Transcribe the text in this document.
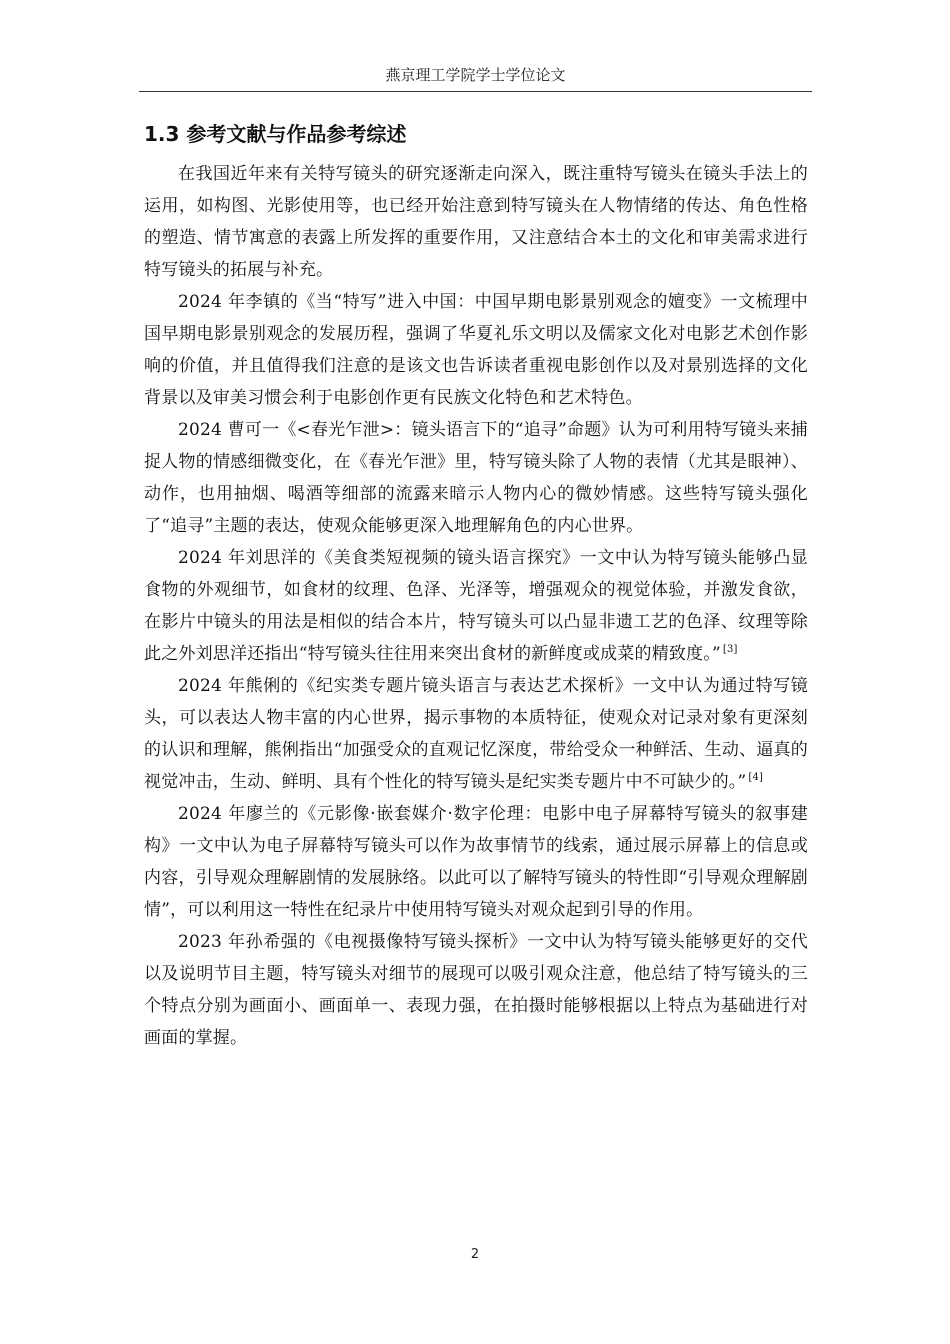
燕京理工学院学士学位论文
1.3 参考文献与作品参考综述

在我国近年来有关特写镜头的研究逐渐走向深入，既注重特写镜头在镜头手法上的运用，如构图、光影使用等，也已经开始注意到特写镜头在人物情绪的传达、角色性格的塑造、情节寓意的表露上所发挥的重要作用，又注意结合本土的文化和审美需求进行特写镜头的拓展与补充。

2024 年李镇的《当“特写”进入中国：中国早期电影景别观念的嬗变》一文梳理中国早期电影景别观念的发展历程，强调了华夏礼乐文明以及儒家文化对电影艺术创作影响的价值，并且值得我们注意的是该文也告诉读者重视电影创作以及对景别选择的文化背景以及审美习惯会利于电影创作更有民族文化特色和艺术特色。

2024 曹可一《<春光乍泄>：镜头语言下的“追寻”命题》认为可利用特写镜头来捕捉人物的情感细微变化，在《春光乍泄》里，特写镜头除了人物的表情（尤其是眼神）、动作，也用抽烟、喝酒等细部的流露来暗示人物内心的微妙情感。这些特写镜头强化了“追寻”主题的表达，使观众能够更深入地理解角色的内心世界。

2024 年刘思洋的《美食类短视频的镜头语言探究》一文中认为特写镜头能够凸显食物的外观细节，如食材的纹理、色泽、光泽等，增强观众的视觉体验，并激发食欲，在影片中镜头的用法是相似的结合本片，特写镜头可以凸显非遗工艺的色泽、纹理等除此之外刘思洋还指出“特写镜头往往用来突出食材的新鲜度或成菜的精致度。” [3]

2024 年熊俐的《纪实类专题片镜头语言与表达艺术探析》一文中认为通过特写镜头，可以表达人物丰富的内心世界，揭示事物的本质特征，使观众对记录对象有更深刻的认识和理解，熊俐指出“加强受众的直观记忆深度，带给受众一种鲜活、生动、逼真的视觉冲击，生动、鲜明、具有个性化的特写镜头是纪实类专题片中不可缺少的。” [4]

2024 年廖兰的《元影像·嵌套媒介·数字伦理：电影中电子屏幕特写镜头的叙事建构》一文中认为电子屏幕特写镜头可以作为故事情节的线索，通过展示屏幕上的信息或内容，引导观众理解剧情的发展脉络。以此可以了解特写镜头的特性即“引导观众理解剧情”，可以利用这一特性在纪录片中使用特写镜头对观众起到引导的作用。

2023 年孙希强的《电视摄像特写镜头探析》一文中认为特写镜头能够更好的交代以及说明节目主题，特写镜头对细节的展现可以吸引观众注意，他总结了特写镜头的三个特点分别为画面小、画面单一、表现力强，在拍摄时能够根据以上特点为基础进行对画面的掌握。

2
